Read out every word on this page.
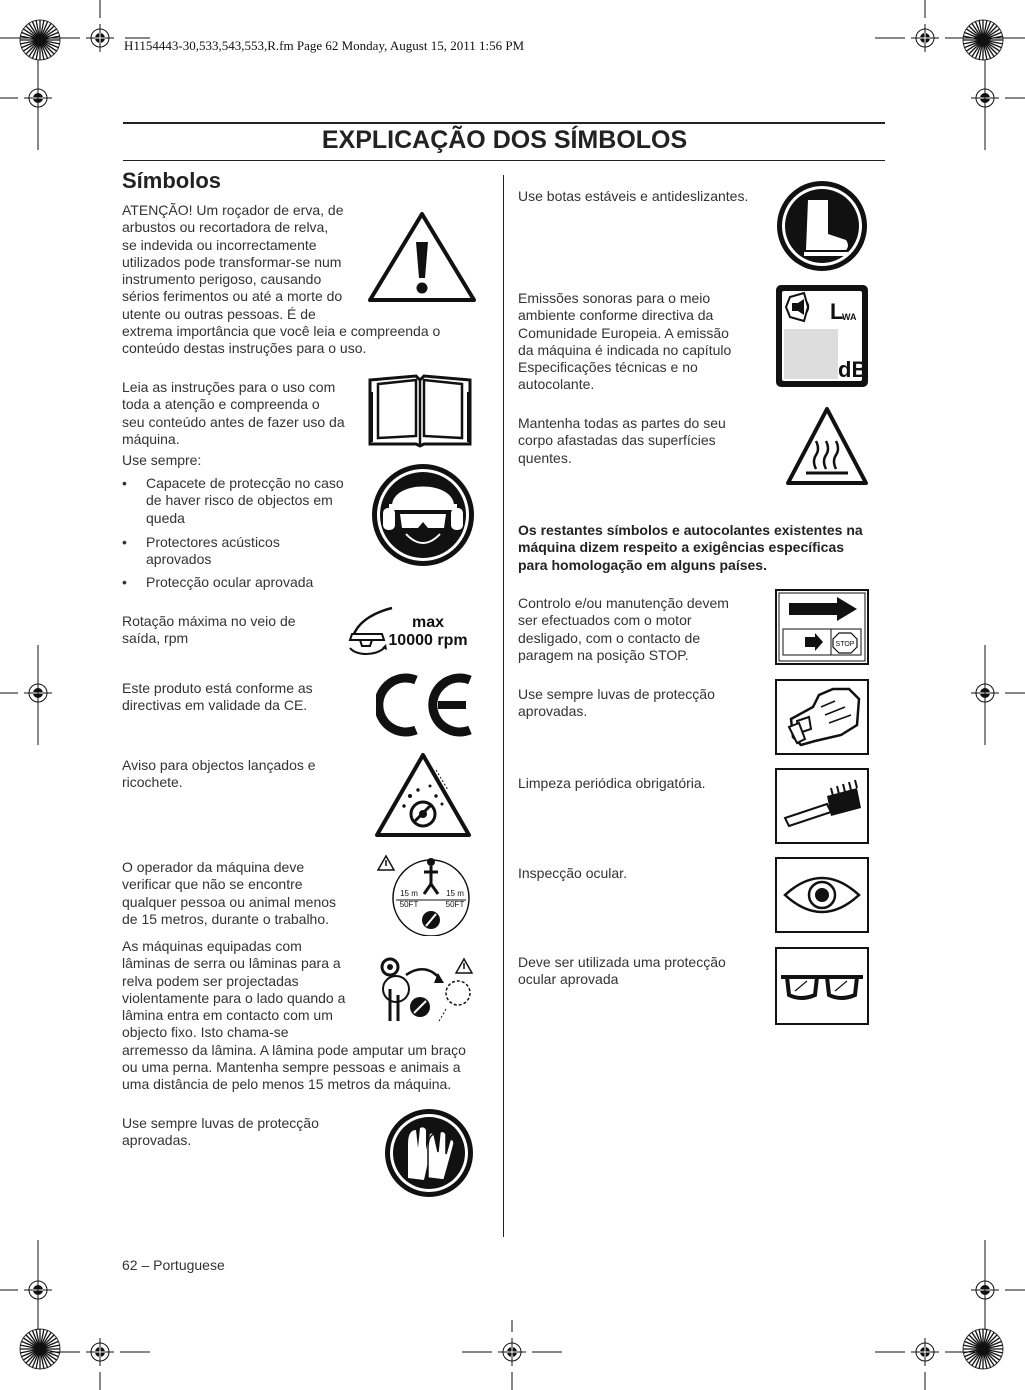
H1154443-30,533,543,553,R.fm Page 62 Monday, August 15, 2011 1:56 PM
EXPLICAÇÃO DOS SÍMBOLOS
Símbolos
ATENÇÃO! Um roçador de erva, de
arbustos ou recortadora de relva,
se indevida ou incorrectamente
utilizados pode transformar-se num
instrumento perigoso, causando
sérios ferimentos ou até a morte do
utente ou outras pessoas. É de
extrema importância que você leia e compreenda o
conteúdo destas instruções para o uso.
Leia as instruções para o uso com
toda a atenção e compreenda o
seu conteúdo antes de fazer uso da
máquina.
Use sempre:
• Capacete de protecção no caso
de haver risco de objectos em
queda
• Protectores acústicos
aprovados
• Protecção ocular aprovada
Rotação máxima no veio de
saída, rpm
max
10000 rpm
Este produto está conforme as
directivas em validade da CE.
Aviso para objectos lançados e
ricochete.
O operador da máquina deve
verificar que não se encontre
qualquer pessoa ou animal menos
de 15 metros, durante o trabalho.
15 m
50FT
15 m
50FT
As máquinas equipadas com
lâminas de serra ou lâminas para a
relva podem ser projectadas
violentamente para o lado quando a
lâmina entra em contacto com um
objecto fixo. Isto chama-se
arremesso da lâmina. A lâmina pode amputar um braço
ou uma perna. Mantenha sempre pessoas e animais a
uma distância de pelo menos 15 metros da máquina.
Use sempre luvas de protecção
aprovadas.
Use botas estáveis e antideslizantes.
Emissões sonoras para o meio
ambiente conforme directiva da
Comunidade Europeia. A emissão
da máquina é indicada no capítulo
Especificações técnicas e no
autocolante.
L
WA
dB
Mantenha todas as partes do seu
corpo afastadas das superfícies
quentes.
Os restantes símbolos e autocolantes existentes na
máquina dizem respeito a exigências específicas
para homologação em alguns países.
Controlo e/ou manutenção devem
ser efectuados com o motor
desligado, com o contacto de
paragem na posição STOP.
STOP
Use sempre luvas de protecção
aprovadas.
Limpeza periódica obrigatória.
Inspecção ocular.
Deve ser utilizada uma protecção
ocular aprovada
62 – Portuguese
